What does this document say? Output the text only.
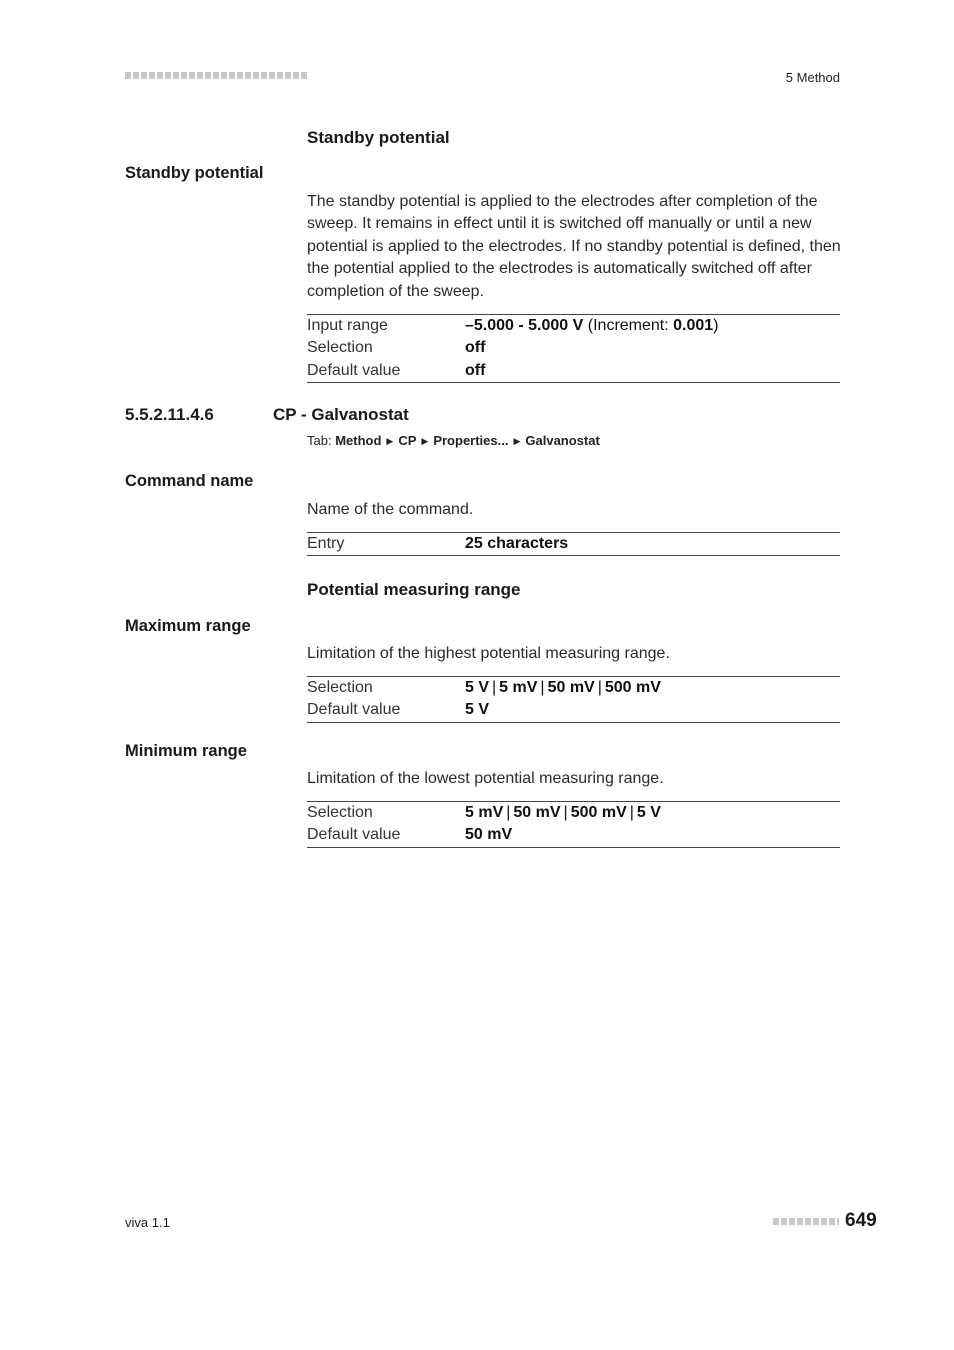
5 Method
Standby potential
Standby potential
The standby potential is applied to the electrodes after completion of the sweep. It remains in effect until it is switched off manually or until a new potential is applied to the electrodes. If no standby potential is defined, then the potential applied to the electrodes is automatically switched off after completion of the sweep.
Input range	–5.000 - 5.000 V (Increment: 0.001)
Selection	off
Default value	off
5.5.2.11.4.6	CP - Galvanostat
Tab: Method ▶ CP ▶ Properties... ▶ Galvanostat
Command name
Name of the command.
Entry	25 characters
Potential measuring range
Maximum range
Limitation of the highest potential measuring range.
Selection	5 V | 5 mV | 50 mV | 500 mV
Default value	5 V
Minimum range
Limitation of the lowest potential measuring range.
Selection	5 mV | 50 mV | 500 mV | 5 V
Default value	50 mV
viva 1.1	649
